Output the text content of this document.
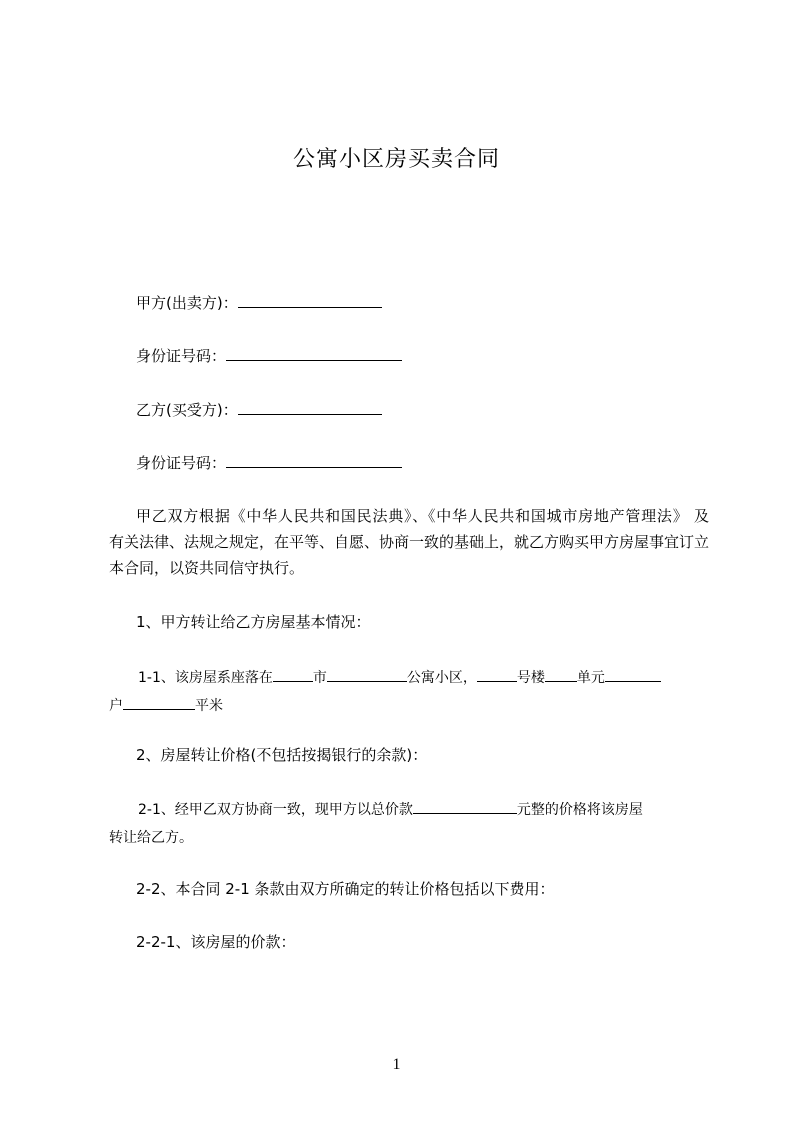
公寓小区房买卖合同

甲方(出卖方)：

身份证号码：

乙方(买受方)：

身份证号码：

甲乙双方根据《中华人民共和国民法典》、《中华人民共和国城市房地产管理法》 及　有关法律、法规之规定，在平等、自愿、协商一致的基础上，就乙方购买甲方房屋事宜订立本合同，以资共同信守执行。

1、甲方转让给乙方房屋基本情况：

1-1、该房屋系座落在	市	公寓小区，	号楼 单元
户	平米

2、房屋转让价格(不包括按揭银行的余款)：

2-1、经甲乙双方协商一致，现甲方以总价款	元整的价格将该房屋
转让给乙方。

2-2、本合同 2-1 条款由双方所确定的转让价格包括以下费用：

2-2-1、该房屋的价款：

1
